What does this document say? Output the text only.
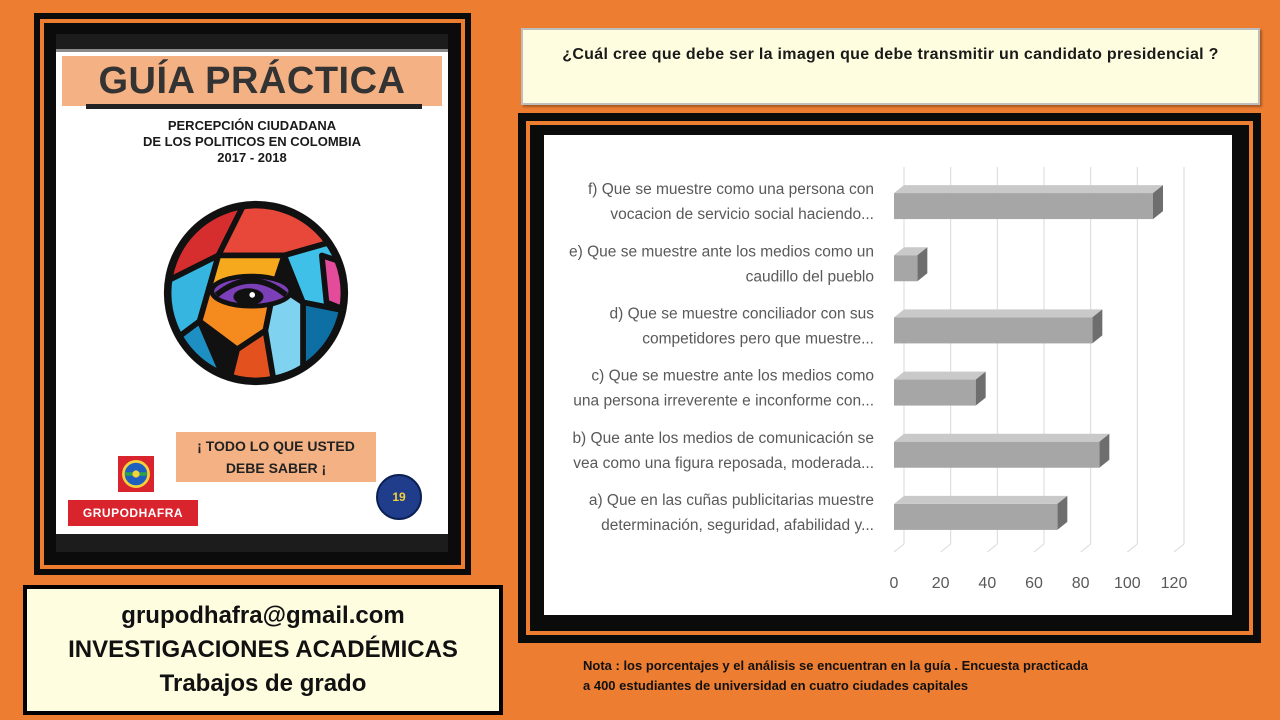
GUÍA PRÁCTICA
PERCEPCIÓN CIUDADANA
DE LOS POLITICOS EN COLOMBIA
2017 - 2018
¡ TODO LO QUE USTED
DEBE SABER ¡
19
GRUPODHAFRA
grupodhafra@gmail.com
INVESTIGACIONES ACADÉMICAS
Trabajos de grado
¿Cuál cree que debe ser la imagen que debe transmitir un candidato presidencial ?
0 20 40 60 80 100 120
f) Que se muestre como una persona con
vocacion de servicio social haciendo...
e) Que se muestre ante los medios como un
caudillo del pueblo
d) Que se muestre conciliador con sus
competidores pero que muestre...
c) Que se muestre ante los medios como
una persona irreverente e inconforme con...
b) Que ante los medios de comunicación se
vea como una figura reposada, moderada...
a) Que en las cuñas publicitarias muestre
determinación, seguridad, afabilidad y...
Nota : los porcentajes y el análisis se encuentran en la guía . Encuesta practicada
a 400 estudiantes de universidad en cuatro ciudades capitales
